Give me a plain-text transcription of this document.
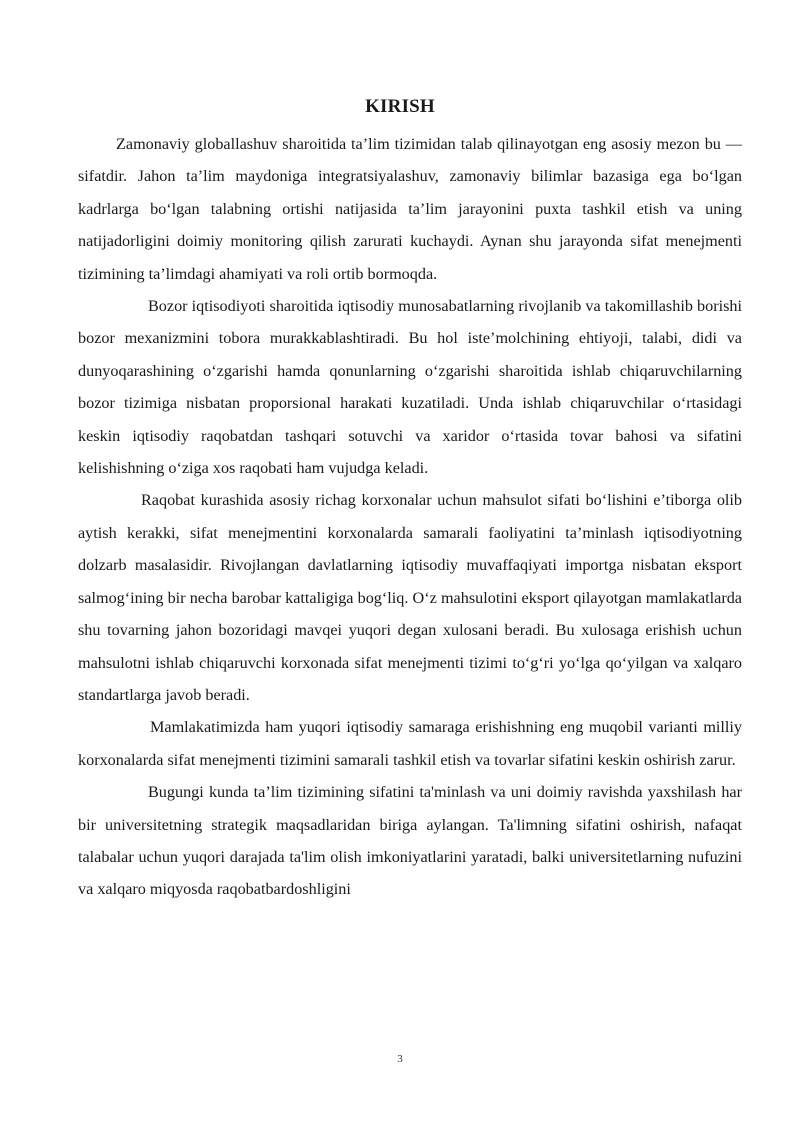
KIRISH

Zamonaviy globallashuv sharoitida ta’lim tizimidan talab qilinayotgan eng asosiy mezon bu — sifatdir. Jahon ta’lim maydoniga integratsiyalashuv, zamonaviy bilimlar bazasiga ega bo‘lgan kadrlarga bo‘lgan talabning ortishi natijasida ta’lim jarayonini puxta tashkil etish va uning natijadorligini doimiy monitoring qilish zarurati kuchaydi. Aynan shu jarayonda sifat menejmenti tizimining ta’limdagi ahamiyati va roli ortib bormoqda.

Bozor iqtisodiyoti sharoitida iqtisodiy munosabatlarning rivojlanib va takomillashib borishi bozor mexanizmini tobora murakkablashtiradi. Bu hol iste’molchining ehtiyoji, talabi, didi va dunyoqarashining o‘zgarishi hamda qonunlarning o‘zgarishi sharoitida ishlab chiqaruvchilarning bozor tizimiga nisbatan proporsional harakati kuzatiladi. Unda ishlab chiqaruvchilar o‘rtasidagi keskin iqtisodiy raqobatdan tashqari sotuvchi va xaridor o‘rtasida tovar bahosi va sifatini kelishishning o‘ziga xos raqobati ham vujudga keladi.

Raqobat kurashida asosiy richag korxonalar uchun mahsulot sifati bo‘lishini e’tiborga olib aytish kerakki, sifat menejmentini korxonalarda samarali faoliyatini ta’minlash iqtisodiyotning dolzarb masalasidir. Rivojlangan davlatlarning iqtisodiy muvaffaqiyati importga nisbatan eksport salmog‘ining bir necha barobar kattaligiga bog‘liq. O‘z mahsulotini eksport qilayotgan mamlakatlarda shu tovarning jahon bozoridagi mavqei yuqori degan xulosani beradi. Bu xulosaga erishish uchun mahsulotni ishlab chiqaruvchi korxonada sifat menejmenti tizimi to‘g‘ri yo‘lga qo‘yilgan va xalqaro standartlarga javob beradi.

Mamlakatimizda ham yuqori iqtisodiy samaraga erishishning eng muqobil varianti milliy korxonalarda sifat menejmenti tizimini samarali tashkil etish va tovarlar sifatini keskin oshirish zarur.

Bugungi kunda ta’lim tizimining sifatini ta'minlash va uni doimiy ravishda yaxshilash har bir universitetning strategik maqsadlaridan biriga aylangan. Ta'limning sifatini oshirish, nafaqat talabalar uchun yuqori darajada ta'lim olish imkoniyatlarini yaratadi, balki universitetlarning nufuzini va xalqaro miqyosda raqobatbardoshligini

3
